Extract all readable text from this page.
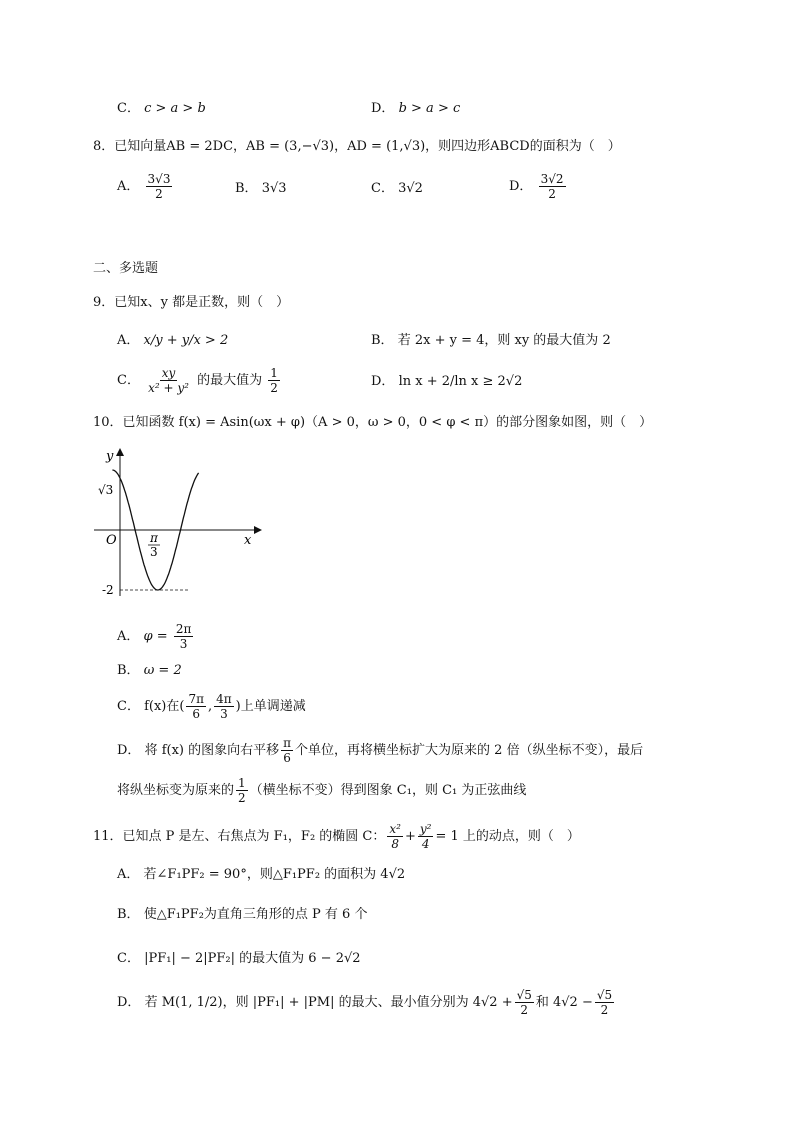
C． c > a > b	D． b > a > c
8．已知向量AB = 2DC，AB = (3,−√3)，AD = (1,√3)，则四边形ABCD的面积为（　）
A． $\frac{3√3}{2}$	B． 3√3	C． 3√2	D． $\frac{3√2}{2}$
二、多选题
9．已知x、y 都是正数，则（　）
A． x/y + y/x > 2	B． 若 2x + y = 4，则 xy 的最大值为 2
C． $\frac{xy}{\text{x² + y²}}$ 的最大值为 $\frac{1}{2}$	D． ln x + 2/ln x ≥ 2√2
10．已知函数 f(x) = Asin(ωx + φ)（A > 0，ω > 0，0 < φ < π）的部分图象如图，则（　）
y
x
O
√3
-2
π
3
A． $\varphi = \frac{2\pi}{3}$
B． ω = 2
C． f(x)在( $\frac{7\pi}{6}$ , $\frac{4\pi}{3}$ )上单调递减
D． 将 f(x) 的图象向右平移 $\frac{\pi}{6}$ 个单位，再将横坐标扩大为原来的 2 倍（纵坐标不变），最后
将纵坐标变为原来的 $\frac{1}{2}$ （横坐标不变）得到图象 C₁，则 C₁ 为正弦曲线
11．已知点 P 是左、右焦点为 F₁，F₂ 的椭圆 C： $\frac{\text{x²}}{8} + \frac{\text{y²}}{4} = 1$ 上的动点，则（　）
A． 若∠F₁PF₂ = 90°，则△F₁PF₂ 的面积为 4√2
B． 使△F₁PF₂为直角三角形的点 P 有 6 个
C． |PF₁| − 2|PF₂| 的最大值为 6 − 2√2
D． 若 M(1, 1/2)，则 |PF₁| + |PM| 的最大、最小值分别为 $4√2 + \frac{√5}{2}$ 和 $4√2 - \frac{√5}{2}$
